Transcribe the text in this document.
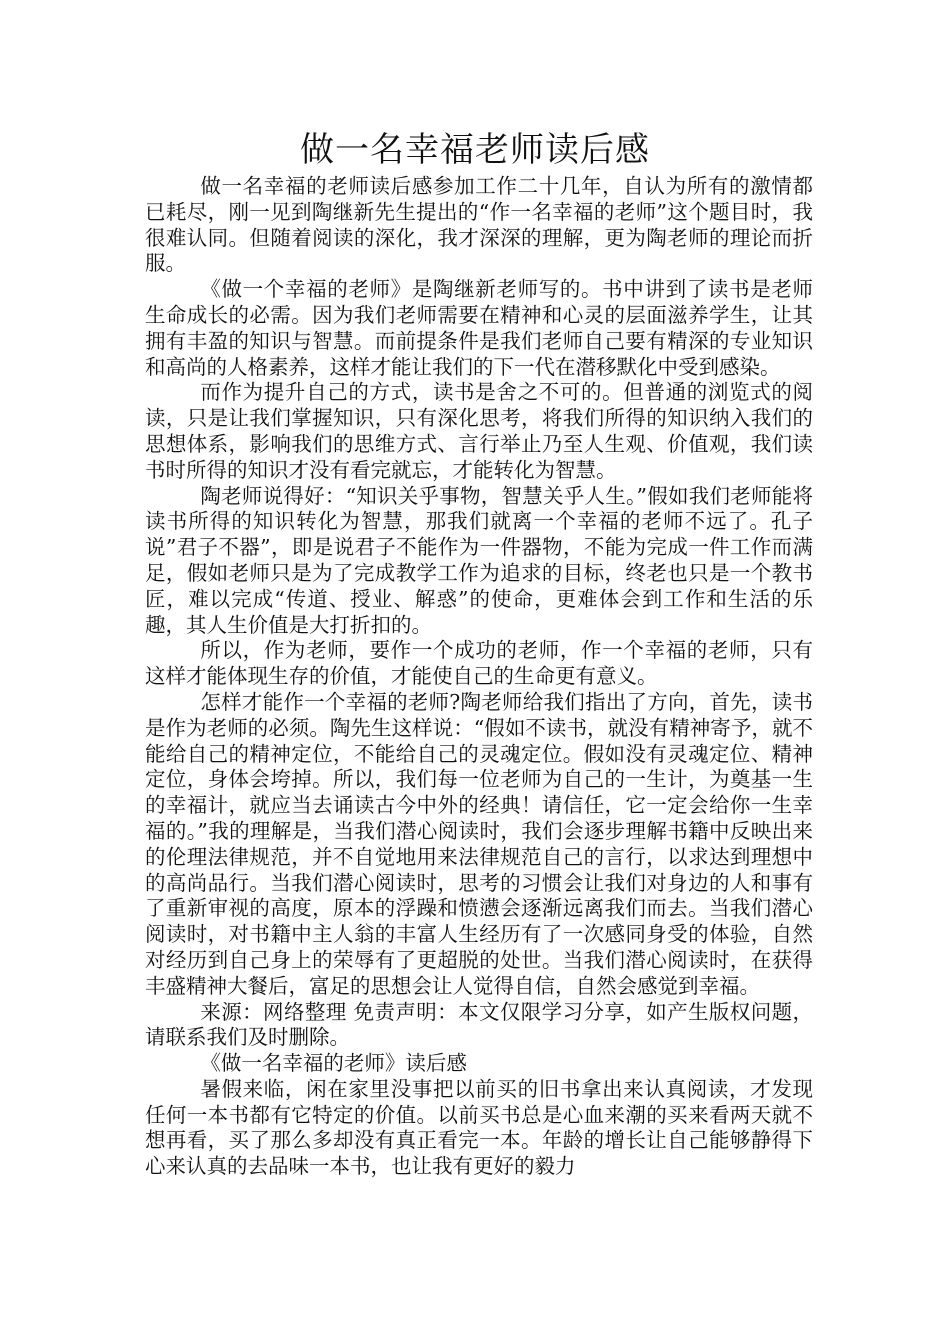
做一名幸福老师读后感

做一名幸福的老师读后感参加工作二十几年，自认为所有的激情都已耗尽，刚一见到陶继新先生提出的“作一名幸福的老师”这个题目时，我很难认同。但随着阅读的深化，我才深深的理解，更为陶老师的理论而折服。

《做一个幸福的老师》是陶继新老师写的。书中讲到了读书是老师生命成长的必需。因为我们老师需要在精神和心灵的层面滋养学生，让其拥有丰盈的知识与智慧。而前提条件是我们老师自己要有精深的专业知识和高尚的人格素养，这样才能让我们的下一代在潜移默化中受到感染。

而作为提升自己的方式，读书是舍之不可的。但普通的浏览式的阅读，只是让我们掌握知识，只有深化思考，将我们所得的知识纳入我们的思想体系，影响我们的思维方式、言行举止乃至人生观、价值观，我们读书时所得的知识才没有看完就忘，才能转化为智慧。

陶老师说得好：“知识关乎事物，智慧关乎人生。”假如我们老师能将读书所得的知识转化为智慧，那我们就离一个幸福的老师不远了。孔子说”君子不器”，即是说君子不能作为一件器物，不能为完成一件工作而满足，假如老师只是为了完成教学工作为追求的目标，终老也只是一个教书匠，难以完成“传道、授业、解惑”的使命，更难体会到工作和生活的乐趣，其人生价值是大打折扣的。

所以，作为老师，要作一个成功的老师，作一个幸福的老师，只有这样才能体现生存的价值，才能使自己的生命更有意义。

怎样才能作一个幸福的老师?陶老师给我们指出了方向，首先，读书是作为老师的必须。陶先生这样说：“假如不读书，就没有精神寄予，就不能给自己的精神定位，不能给自己的灵魂定位。假如没有灵魂定位、精神定位，身体会垮掉。所以，我们每一位老师为自己的一生计，为奠基一生的幸福计，就应当去诵读古今中外的经典！请信任，它一定会给你一生幸福的。”我的理解是，当我们潜心阅读时，我们会逐步理解书籍中反映出来的伦理法律规范，并不自觉地用来法律规范自己的言行，以求达到理想中的高尚品行。当我们潜心阅读时，思考的习惯会让我们对身边的人和事有了重新审视的高度，原本的浮躁和愤懑会逐渐远离我们而去。当我们潜心阅读时，对书籍中主人翁的丰富人生经历有了一次感同身受的体验，自然对经历到自己身上的荣辱有了更超脱的处世。当我们潜心阅读时，在获得丰盛精神大餐后，富足的思想会让人觉得自信，自然会感觉到幸福。

来源：网络整理 免责声明：本文仅限学习分享，如产生版权问题，请联系我们及时删除。

《做一名幸福的老师》读后感

暑假来临，闲在家里没事把以前买的旧书拿出来认真阅读，才发现任何一本书都有它特定的价值。以前买书总是心血来潮的买来看两天就不想再看，买了那么多却没有真正看完一本。年龄的增长让自己能够静得下心来认真的去品味一本书，也让我有更好的毅力
